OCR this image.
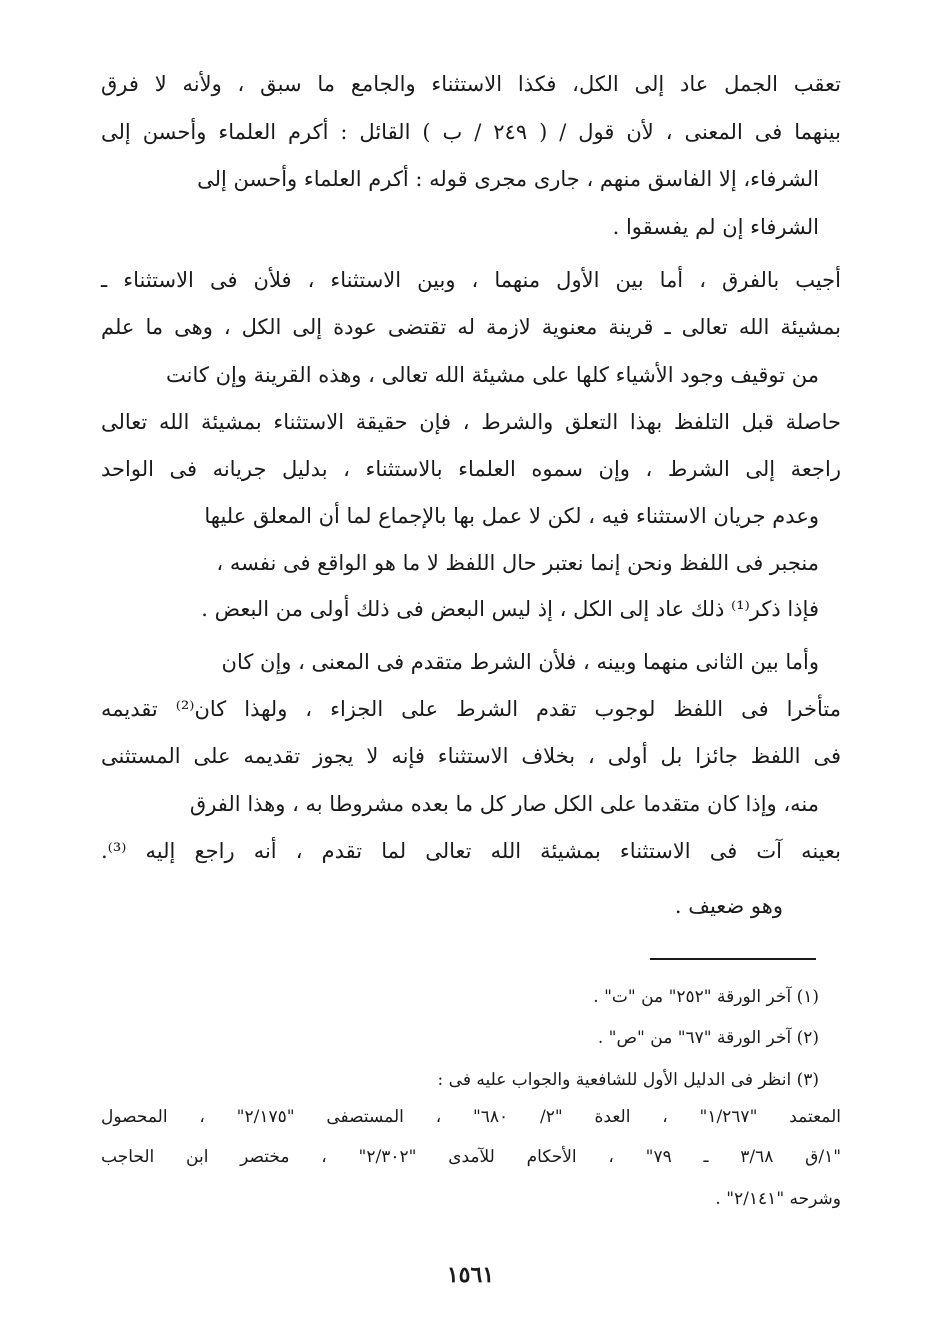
تعقب الجمل عاد إلى الكل، فكذا الاستثناء والجامع ما سبق ، ولأنه لا فرق
بينهما فى المعنى ، لأن قول / ( ٢٤٩ / ب ) القائل : أكرم العلماء وأحسن إلى
الشرفاء، إلا الفاسق منهم ، جارى مجرى قوله : أكرم العلماء وأحسن إلى
الشرفاء إن لم يفسقوا .
أجيب بالفرق ، أما بين الأول منهما ، وبين الاستثناء ، فلأن فى الاستثناء ـ
بمشيئة الله تعالى ـ قرينة معنوية لازمة له تقتضى عودة إلى الكل ، وهى ما علم
من توقيف وجود الأشياء كلها على مشيئة الله تعالى ، وهذه القرينة وإن كانت
حاصلة قبل التلفظ بهذا التعلق والشرط ، فإن حقيقة الاستثناء بمشيئة الله تعالى
راجعة إلى الشرط ، وإن سموه العلماء بالاستثناء ، بدليل جريانه فى الواحد
وعدم جريان الاستثناء فيه ، لكن لا عمل بها بالإجماع لما أن المعلق عليها
منجبر فى اللفظ ونحن إنما نعتبر حال اللفظ لا ما هو الواقع فى نفسه ،
فإذا ذكر⁽¹⁾ ذلك عاد إلى الكل ، إذ ليس البعض فى ذلك أولى من البعض .
وأما بين الثانى منهما وبينه ، فلأن الشرط متقدم فى المعنى ، وإن كان
متأخرا فى اللفظ لوجوب تقدم الشرط على الجزاء ، ولهذا كان⁽²⁾ تقديمه
فى اللفظ جائزا بل أولى ، بخلاف الاستثناء فإنه لا يجوز تقديمه على المستثنى
منه، وإذا كان متقدما على الكل صار كل ما بعده مشروطا به ، وهذا الفرق
بعينه آت فى الاستثناء بمشيئة الله تعالى لما تقدم ، أنه راجع إليه ⁽³⁾.
وهو ضعيف .
(١) آخر الورقة "٢٥٢" من "ت" .
(٢) آخر الورقة "٦٧" من "ص" .
(٣) انظر فى الدليل الأول للشافعية والجواب عليه فى :
المعتمد "١/٢٦٧" ، العدة "٢/ ٦٨٠" ، المستصفى "٢/١٧٥" ، المحصول
"١/ق ٣/٦٨ ـ ٧٩" ، الأحكام للآمدى "٢/٣٠٢" ، مختصر ابن الحاجب
وشرحه "٢/١٤١" .
١٥٦١
